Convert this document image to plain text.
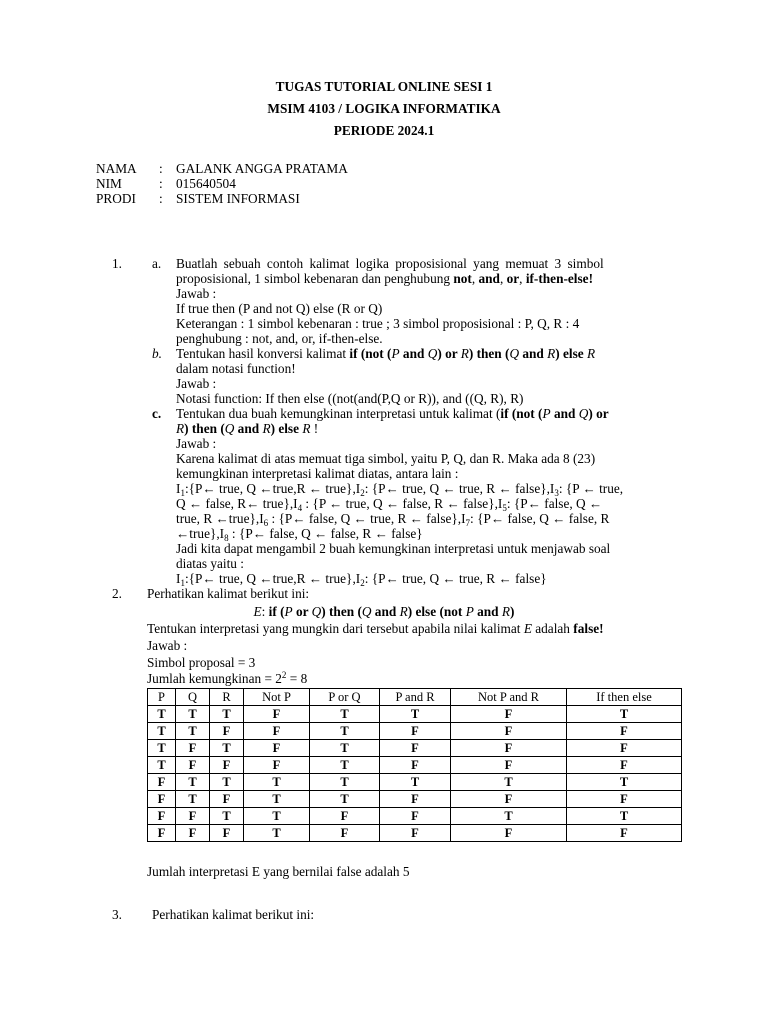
TUGAS TUTORIAL ONLINE SESI 1
MSIM 4103 / LOGIKA INFORMATIKA
PERIODE 2024.1
NAMA : GALANK ANGGA PRATAMA
NIM	: 015640504
PRODI : SISTEM INFORMASI
1. a. Buatlah sebuah contoh kalimat logika proposisional yang memuat 3 simbol
proposisional, 1 simbol kebenaran dan penghubung not, and, or, if-then-else!
Jawab :
If true then (P and not Q) else (R or Q)
Keterangan : 1 simbol kebenaran : true ; 3 simbol proposisional : P, Q, R : 4
penghubung : not, and, or, if-then-else.
b. Tentukan hasil konversi kalimat if (not (P and Q) or R) then (Q and R) else R
dalam notasi function!
Jawab :
Notasi function: If then else ((not(and(P,Q or R)), and ((Q, R), R)
c. Tentukan dua buah kemungkinan interpretasi untuk kalimat (if (not (P and Q) or
R) then (Q and R) else R !
Jawab :
Karena kalimat di atas memuat tiga simbol, yaitu P, Q, dan R. Maka ada 8 (23)
kemungkinan interpretasi kalimat diatas, antara lain :
$I_1:\{P\leftarrow$ true, Q ←true,R ← $true\},I_2$: {P← true, Q ← true, R ← $false\},I_3$: {P ← true,
Q ← false, R← $true\},I_4$ : {P ← true, Q ← false, R ← $false\},I_5$: {P← false, Q ←
true, R $\leftarrow true\},I_6$ : {P← false, Q ← true, R ← $false\},I_7$: {P← false, Q ← false, R
$\leftarrow true\},I_8$ : {P← false, Q ← false, R ← false}
Jadi kita dapat mengambil 2 buah kemungkinan interpretasi untuk menjawab soal
diatas yaitu :
$I_1:\{P\leftarrow$ true, Q ←true,R ← $true\},I_2$: {P← true, Q ← true, R ← false}
2. Perhatikan kalimat berikut ini:
E: if (P or Q) then (Q and R) else (not P and R)
Tentukan interpretasi yang mungkin dari tersebut apabila nilai kalimat E adalah false!
Jawab :
Simbol proposal = 3
Jumlah kemungkinan = $2^2 = 8$
P	Q	R	Not P	P or Q	P and R	Not P and R	If then else
T	T	T	F	T	T	F	T
T	T	F	F	T	F	F	F
T	F	T	F	T	F	F	F
T	F	F	F	T	F	F	F
F	T	T	T	T	T	T	T
F	T	F	T	T	F	F	F
F	F	T	T	F	F	T	T
F	F	F	T	F	F	F	F
Jumlah interpretasi E yang bernilai false adalah 5
3. Perhatikan kalimat berikut ini:
